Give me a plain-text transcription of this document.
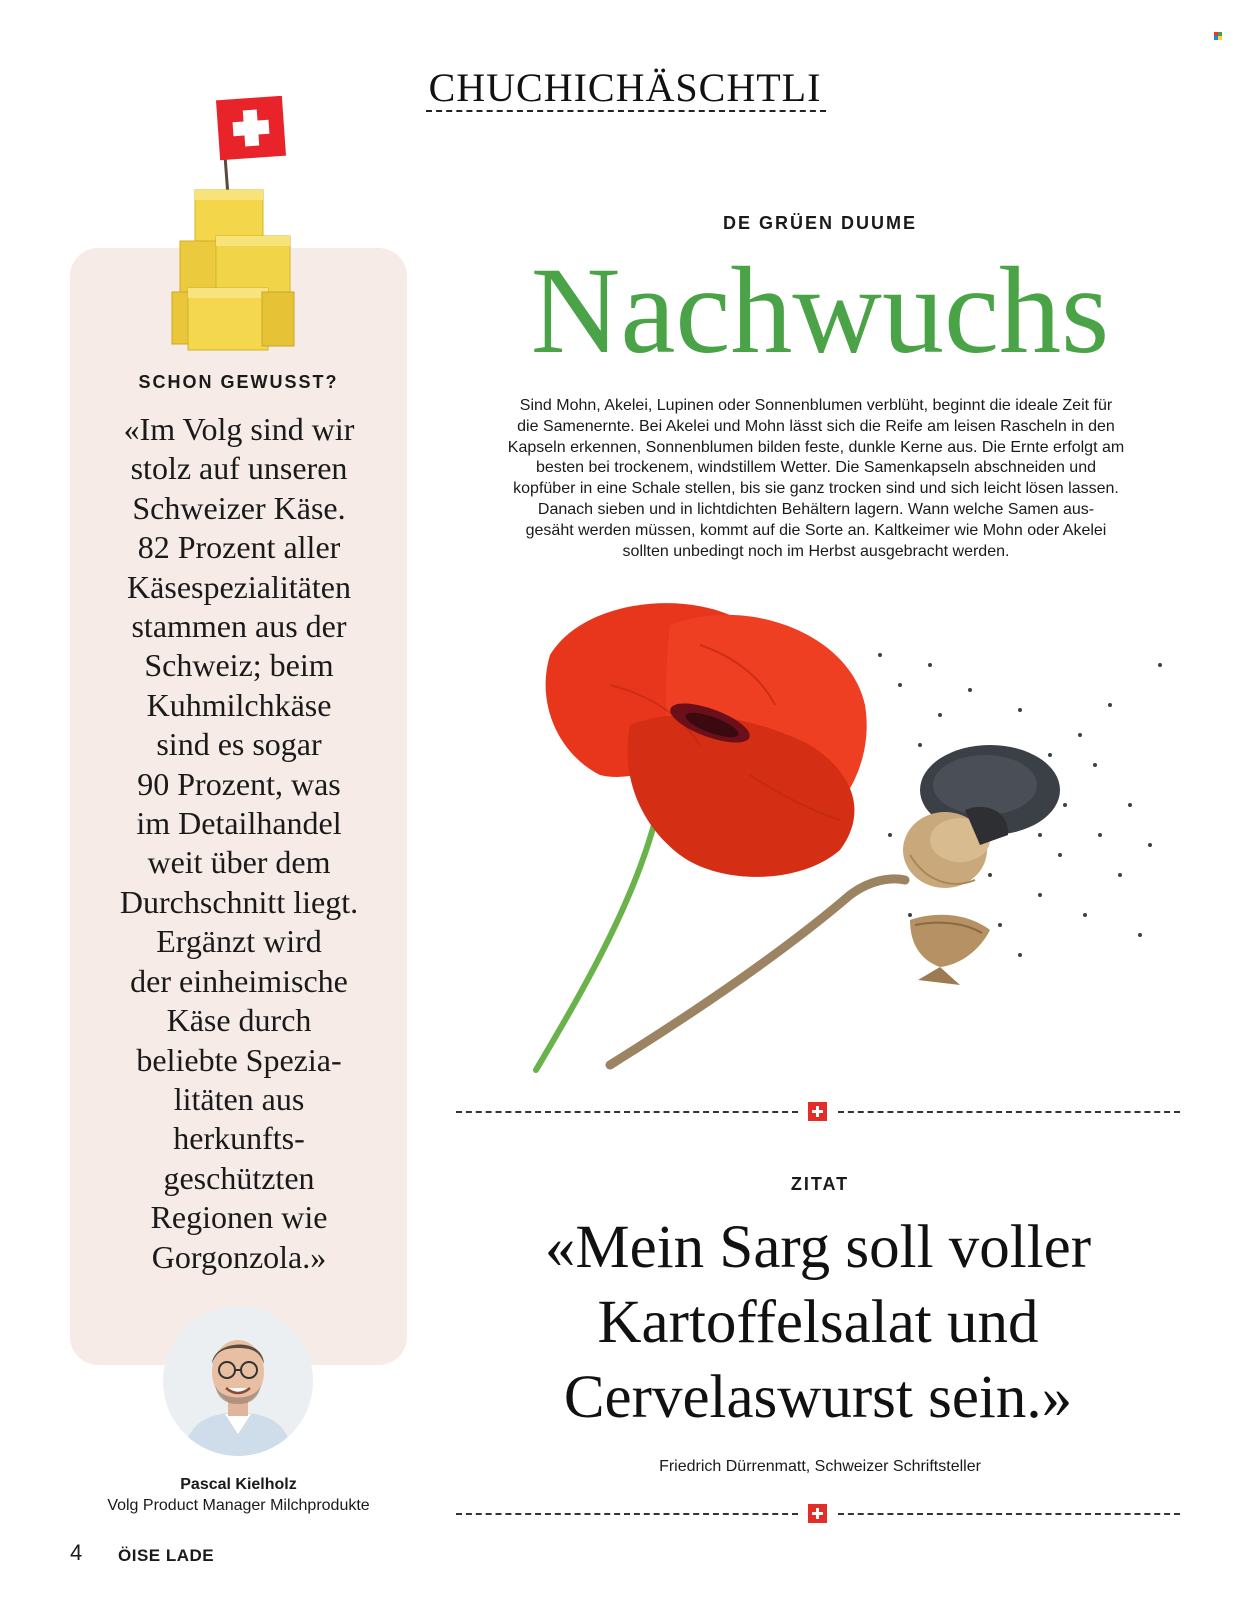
CHUCHICHÄSCHTLI
SCHON GEWUSST?
«Im Volg sind wir
stolz auf unseren
Schweizer Käse.
82 Prozent aller
Käsespezialitäten
stammen aus der
Schweiz; beim
Kuhmilchkäse
sind es sogar
90 Prozent, was
im Detailhandel
weit über dem
Durchschnitt liegt.
Ergänzt wird
der einheimische
Käse durch
beliebte Spezia-
litäten aus
herkunfts-
geschützten
Regionen wie
Gorgonzola.»
Pascal Kielholz
Volg Product Manager Milchprodukte
4 ÖISE LADE
DE GRÜEN DUUME
Nachwuchs
Sind Mohn, Akelei, Lupinen oder Sonnenblumen verblüht, beginnt die ideale Zeit für
die Samenernte. Bei Akelei und Mohn lässt sich die Reife am leisen Rascheln in den
Kapseln erkennen, Sonnenblumen bilden feste, dunkle Kerne aus. Die Ernte erfolgt am
besten bei trockenem, windstillem Wetter. Die Samenkapseln abschneiden und
kopfüber in eine Schale stellen, bis sie ganz trocken sind und sich leicht lösen lassen.
Danach sieben und in lichtdichten Behältern lagern. Wann welche Samen aus-
gesäht werden müssen, kommt auf die Sorte an. Kaltkeimer wie Mohn oder Akelei
sollten unbedingt noch im Herbst ausgebracht werden.
ZITAT
«Mein Sarg soll voller
Kartoffelsalat und
Cervelaswurst sein.»
Friedrich Dürrenmatt, Schweizer Schriftsteller
